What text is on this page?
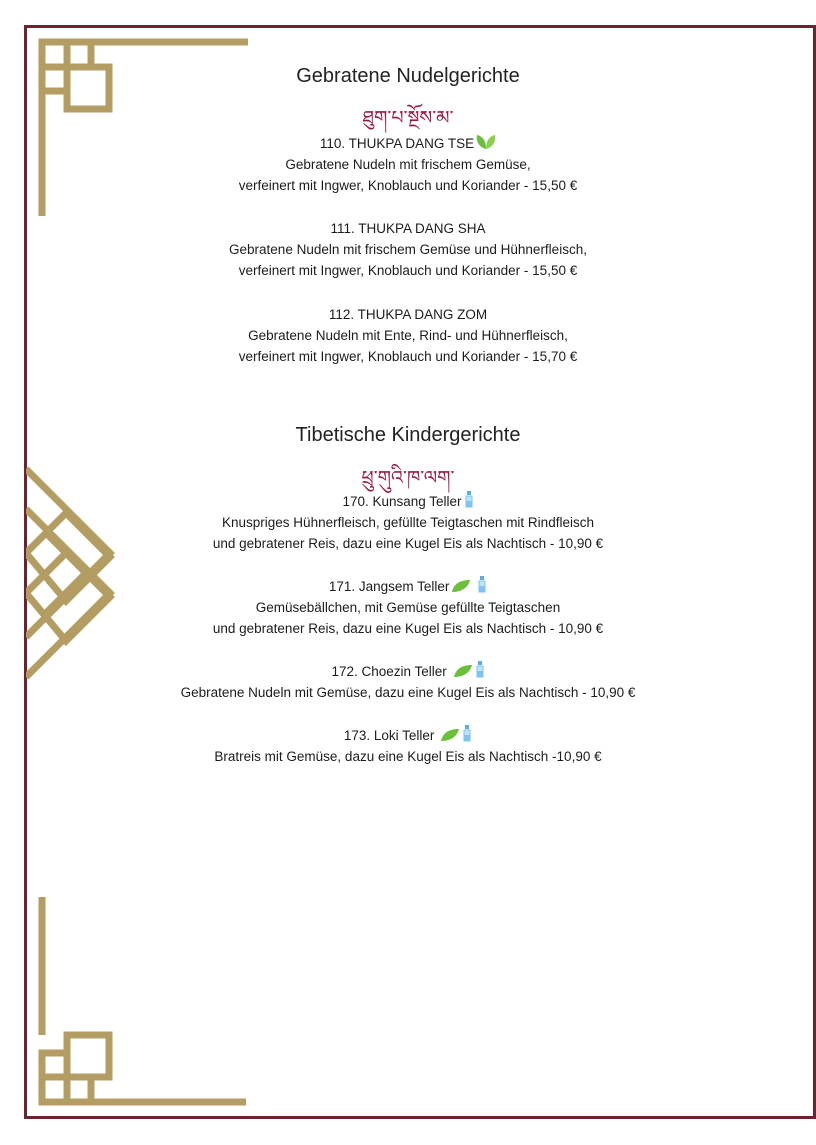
Gebratene Nudelgerichte
ཐུག་པ་སྔོས་མ་
110. THUKPA DANG TSE
Gebratene Nudeln mit frischem Gemüse,
verfeinert mit Ingwer, Knoblauch und Koriander - 15,50 €
111. THUKPA DANG SHA
Gebratene Nudeln mit frischem Gemüse und Hühnerfleisch,
verfeinert mit Ingwer, Knoblauch und Koriander - 15,50 €
112. THUKPA DANG ZOM
Gebratene Nudeln mit Ente, Rind- und Hühnerfleisch,
verfeinert mit Ingwer, Knoblauch und Koriander - 15,70 €
Tibetische Kindergerichte
ཕྲུ་གུའི་ཁ་ལག་
170. Kunsang Teller
Knuspriges Hühnerfleisch, gefüllte Teigtaschen mit Rindfleisch
und gebratener Reis, dazu eine Kugel Eis als Nachtisch - 10,90 €
171. Jangsem Teller
Gemüsebällchen, mit Gemüse gefüllte Teigtaschen
und gebratener Reis, dazu eine Kugel Eis als Nachtisch - 10,90 €
172. Choezin Teller
Gebratene Nudeln mit Gemüse, dazu eine Kugel Eis als Nachtisch - 10,90 €
173. Loki Teller
Bratreis mit Gemüse, dazu eine Kugel Eis als Nachtisch -10,90 €
